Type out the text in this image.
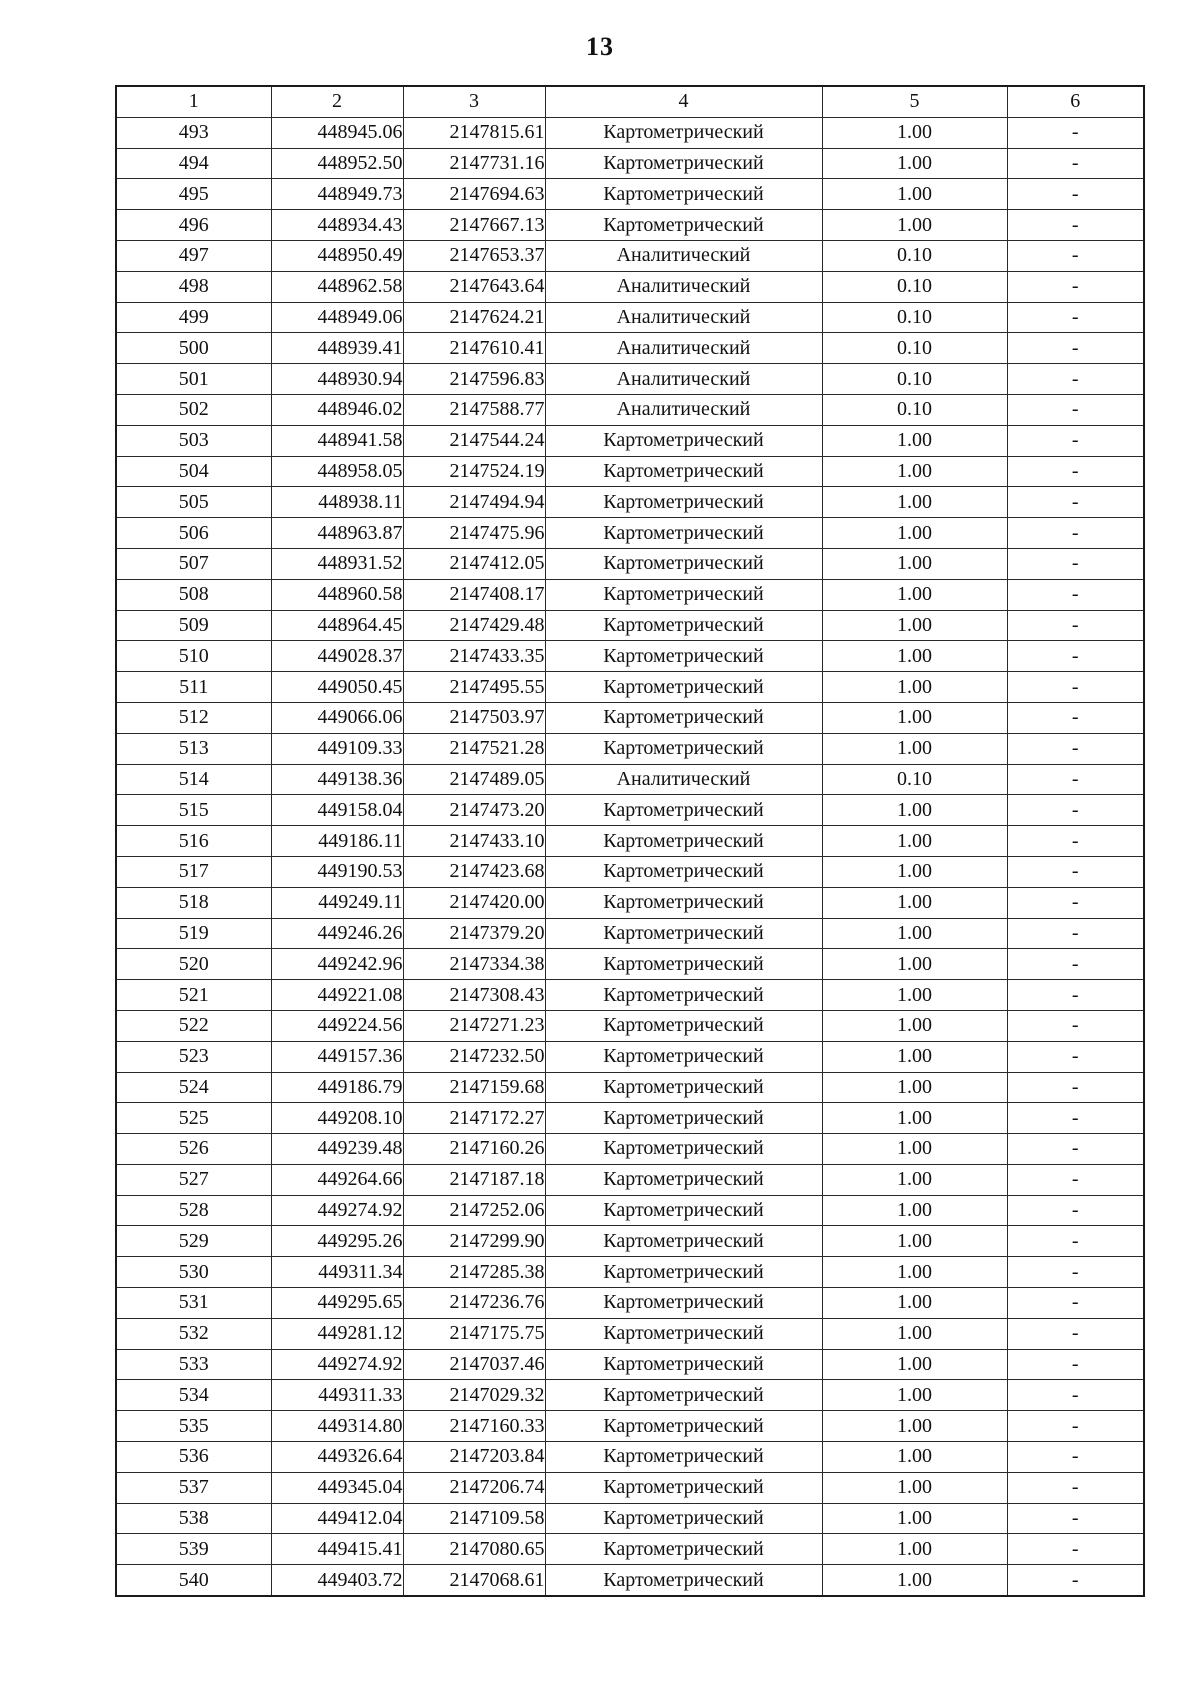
13
1	2	3	4	5	6
493	448945.06	2147815.61	Картометрический	1.00	-
494	448952.50	2147731.16	Картометрический	1.00	-
495	448949.73	2147694.63	Картометрический	1.00	-
496	448934.43	2147667.13	Картометрический	1.00	-
497	448950.49	2147653.37	Аналитический	0.10	-
498	448962.58	2147643.64	Аналитический	0.10	-
499	448949.06	2147624.21	Аналитический	0.10	-
500	448939.41	2147610.41	Аналитический	0.10	-
501	448930.94	2147596.83	Аналитический	0.10	-
502	448946.02	2147588.77	Аналитический	0.10	-
503	448941.58	2147544.24	Картометрический	1.00	-
504	448958.05	2147524.19	Картометрический	1.00	-
505	448938.11	2147494.94	Картометрический	1.00	-
506	448963.87	2147475.96	Картометрический	1.00	-
507	448931.52	2147412.05	Картометрический	1.00	-
508	448960.58	2147408.17	Картометрический	1.00	-
509	448964.45	2147429.48	Картометрический	1.00	-
510	449028.37	2147433.35	Картометрический	1.00	-
511	449050.45	2147495.55	Картометрический	1.00	-
512	449066.06	2147503.97	Картометрический	1.00	-
513	449109.33	2147521.28	Картометрический	1.00	-
514	449138.36	2147489.05	Аналитический	0.10	-
515	449158.04	2147473.20	Картометрический	1.00	-
516	449186.11	2147433.10	Картометрический	1.00	-
517	449190.53	2147423.68	Картометрический	1.00	-
518	449249.11	2147420.00	Картометрический	1.00	-
519	449246.26	2147379.20	Картометрический	1.00	-
520	449242.96	2147334.38	Картометрический	1.00	-
521	449221.08	2147308.43	Картометрический	1.00	-
522	449224.56	2147271.23	Картометрический	1.00	-
523	449157.36	2147232.50	Картометрический	1.00	-
524	449186.79	2147159.68	Картометрический	1.00	-
525	449208.10	2147172.27	Картометрический	1.00	-
526	449239.48	2147160.26	Картометрический	1.00	-
527	449264.66	2147187.18	Картометрический	1.00	-
528	449274.92	2147252.06	Картометрический	1.00	-
529	449295.26	2147299.90	Картометрический	1.00	-
530	449311.34	2147285.38	Картометрический	1.00	-
531	449295.65	2147236.76	Картометрический	1.00	-
532	449281.12	2147175.75	Картометрический	1.00	-
533	449274.92	2147037.46	Картометрический	1.00	-
534	449311.33	2147029.32	Картометрический	1.00	-
535	449314.80	2147160.33	Картометрический	1.00	-
536	449326.64	2147203.84	Картометрический	1.00	-
537	449345.04	2147206.74	Картометрический	1.00	-
538	449412.04	2147109.58	Картометрический	1.00	-
539	449415.41	2147080.65	Картометрический	1.00	-
540	449403.72	2147068.61	Картометрический	1.00	-
